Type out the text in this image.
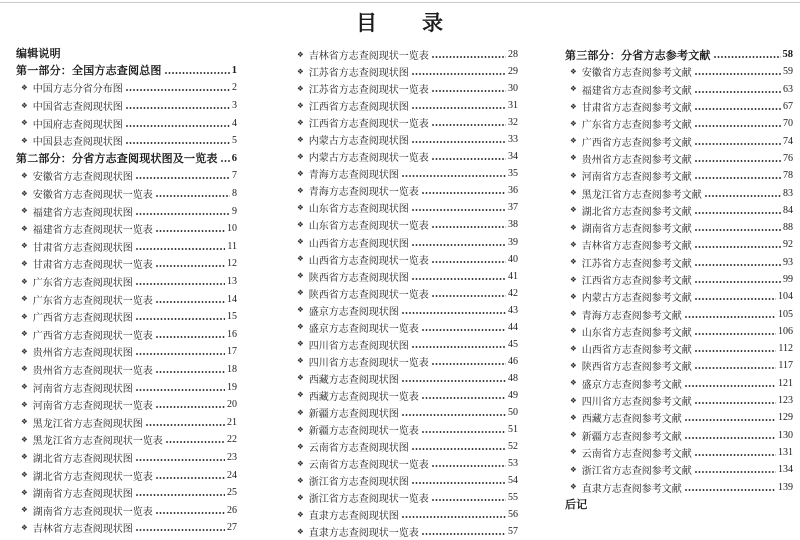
目　　录
编辑说明
第一部分：全国方志查阅总图	1
❖ 中国方志分省分布图	2
❖ 中国省志查阅现状图	3
❖ 中国府志查阅现状图	4
❖ 中国县志查阅现状图	5
第二部分：分省方志查阅现状图及一览表 6
❖ 安徽省方志查阅现状图	7
❖ 安徽省方志查阅现状一览表	8
❖ 福建省方志查阅现状图	9
❖ 福建省方志查阅现状一览表	10
❖ 甘肃省方志查阅现状图	11
❖ 甘肃省方志查阅现状一览表	12
❖ 广东省方志查阅现状图	13
❖ 广东省方志查阅现状一览表	14
❖ 广西省方志查阅现状图	15
❖ 广西省方志查阅现状一览表	16
❖ 贵州省方志查阅现状图	17
❖ 贵州省方志查阅现状一览表	18
❖ 河南省方志查阅现状图	19
❖ 河南省方志查阅现状一览表	20
❖ 黑龙江省方志查阅现状图	21
❖ 黑龙江省方志查阅现状一览表	22
❖ 湖北省方志查阅现状图	23
❖ 湖北省方志查阅现状一览表	24
❖ 湖南省方志查阅现状图	25
❖ 湖南省方志查阅现状一览表	26
❖ 吉林省方志查阅现状图	27
❖ 吉林省方志查阅现状一览表	28
❖ 江苏省方志查阅现状图	29
❖ 江苏省方志查阅现状一览表	30
❖ 江西省方志查阅现状图	31
❖ 江西省方志查阅现状一览表	32
❖ 内蒙古方志查阅现状图	33
❖ 内蒙古方志查阅现状一览表	34
❖ 青海方志查阅现状图	35
❖ 青海方志查阅现状一览表	36
❖ 山东省方志查阅现状图	37
❖ 山东省方志查阅现状一览表	38
❖ 山西省方志查阅现状图	39
❖ 山西省方志查阅现状一览表	40
❖ 陕西省方志查阅现状图	41
❖ 陕西省方志查阅现状一览表	42
❖ 盛京方志查阅现状图	43
❖ 盛京方志查阅现状一览表	44
❖ 四川省方志查阅现状图	45
❖ 四川省方志查阅现状一览表	46
❖ 西藏方志查阅现状图	48
❖ 西藏方志查阅现状一览表	49
❖ 新疆方志查阅现状图	50
❖ 新疆方志查阅现状一览表	51
❖ 云南省方志查阅现状图	52
❖ 云南省方志查阅现状一览表	53
❖ 浙江省方志查阅现状图	54
❖ 浙江省方志查阅现状一览表	55
❖ 直隶方志查阅现状图	56
❖ 直隶方志查阅现状一览表	57
第三部分：分省方志参考文献	58
❖ 安徽省方志查阅参考文献	59
❖ 福建省方志查阅参考文献	63
❖ 甘肃省方志查阅参考文献	67
❖ 广东省方志查阅参考文献	70
❖ 广西省方志查阅参考文献	74
❖ 贵州省方志查阅参考文献	76
❖ 河南省方志查阅参考文献	78
❖ 黑龙江省方志查阅参考文献	83
❖ 湖北省方志查阅参考文献	84
❖ 湖南省方志查阅参考文献	88
❖ 吉林省方志查阅参考文献	92
❖ 江苏省方志查阅参考文献	93
❖ 江西省方志查阅参考文献	99
❖ 内蒙古方志查阅参考文献	104
❖ 青海方志查阅参考文献	105
❖ 山东省方志查阅参考文献	106
❖ 山西省方志查阅参考文献	112
❖ 陕西省方志查阅参考文献	117
❖ 盛京方志查阅参考文献	121
❖ 四川省方志查阅参考文献	123
❖ 西藏方志查阅参考文献	129
❖ 新疆方志查阅参考文献	130
❖ 云南省方志查阅参考文献	131
❖ 浙江省方志查阅参考文献	134
❖ 直隶方志查阅参考文献	139
后记
